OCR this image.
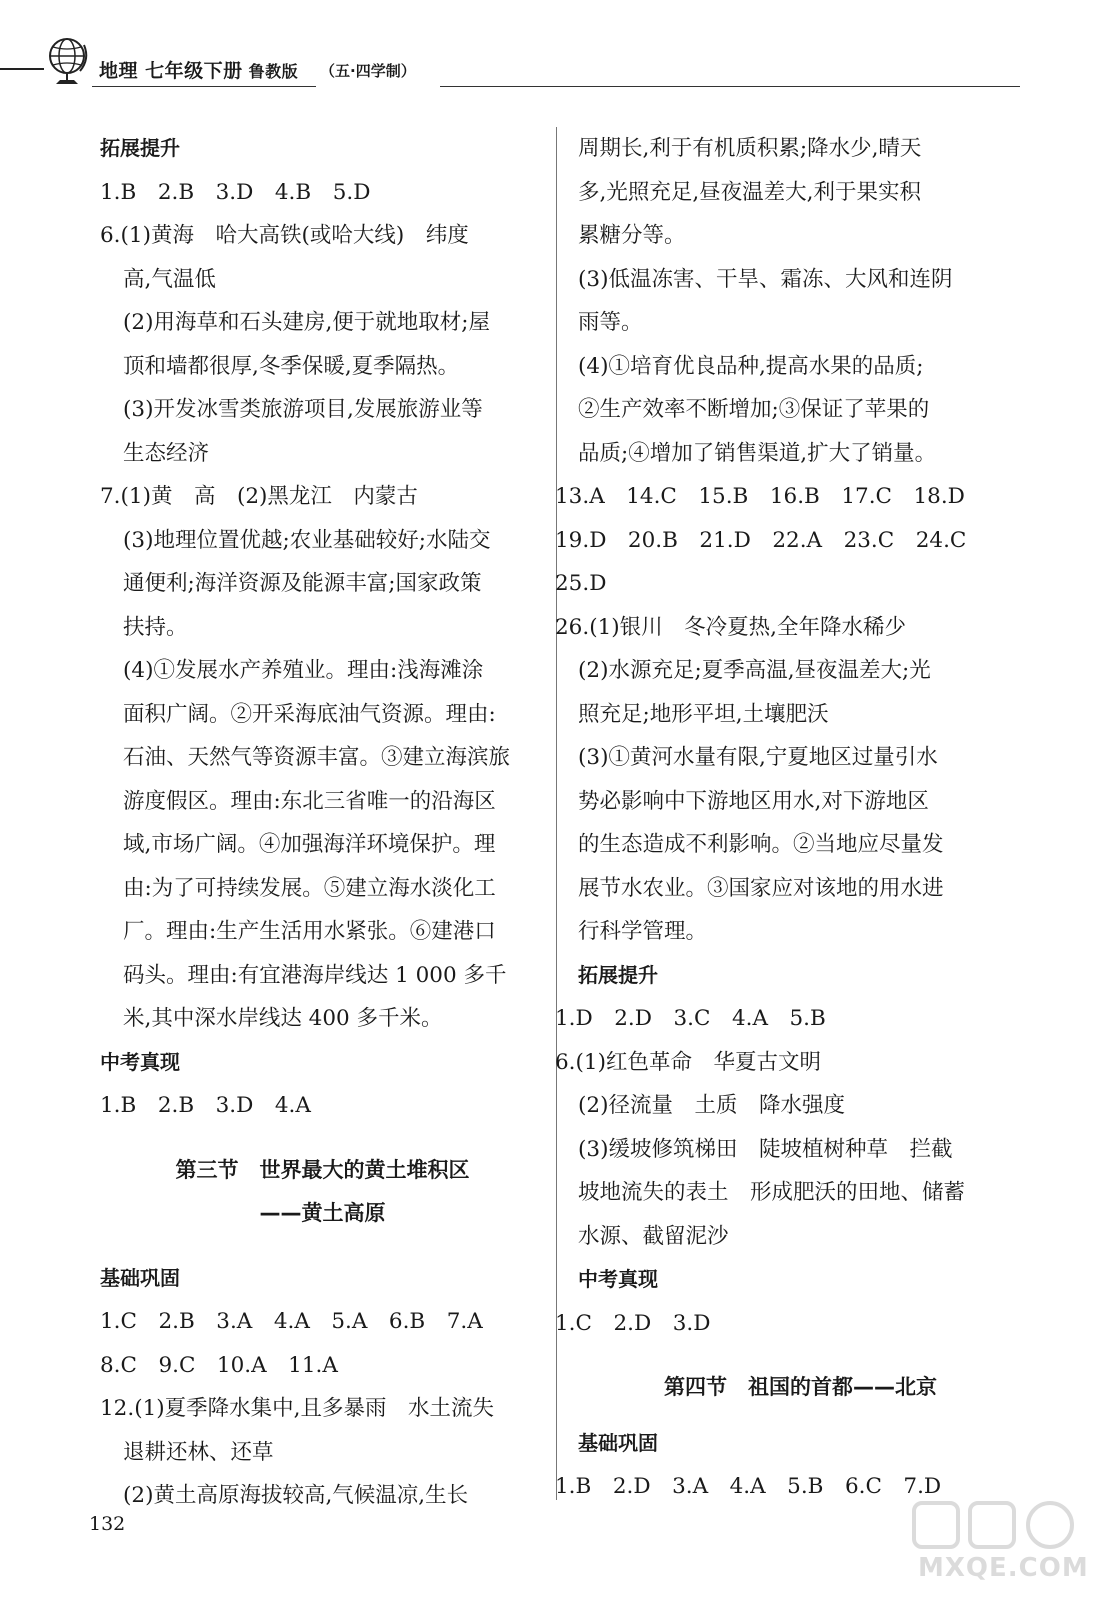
地理 七年级下册 鲁教版 （五·四学制）
拓展提升
1.B　2.B　3.D　4.B　5.D
6.(1)黄海　哈大高铁(或哈大线)　纬度
高,气温低
(2)用海草和石头建房,便于就地取材;屋
顶和墙都很厚,冬季保暖,夏季隔热。
(3)开发冰雪类旅游项目,发展旅游业等
生态经济
7.(1)黄　高　(2)黑龙江　内蒙古
(3)地理位置优越;农业基础较好;水陆交
通便利;海洋资源及能源丰富;国家政策
扶持。
(4)①发展水产养殖业。理由:浅海滩涂
面积广阔。②开采海底油气资源。理由:
石油、天然气等资源丰富。③建立海滨旅
游度假区。理由:东北三省唯一的沿海区
域,市场广阔。④加强海洋环境保护。理
由:为了可持续发展。⑤建立海水淡化工
厂。理由:生产生活用水紧张。⑥建港口
码头。理由:有宜港海岸线达 1 000 多千
米,其中深水岸线达 400 多千米。
中考真现
1.B　2.B　3.D　4.A
第三节　世界最大的黄土堆积区
——黄土高原
基础巩固
1.C　2.B　3.A　4.A　5.A　6.B　7.A
8.C　9.C　10.A　11.A
12.(1)夏季降水集中,且多暴雨　水土流失
退耕还林、还草
(2)黄土高原海拔较高,气候温凉,生长
周期长,利于有机质积累;降水少,晴天
多,光照充足,昼夜温差大,利于果实积
累糖分等。
(3)低温冻害、干旱、霜冻、大风和连阴
雨等。
(4)①培育优良品种,提高水果的品质;
②生产效率不断增加;③保证了苹果的
品质;④增加了销售渠道,扩大了销量。
13.A　14.C　15.B　16.B　17.C　18.D
19.D　20.B　21.D　22.A　23.C　24.C
25.D
26.(1)银川　冬冷夏热,全年降水稀少
(2)水源充足;夏季高温,昼夜温差大;光
照充足;地形平坦,土壤肥沃
(3)①黄河水量有限,宁夏地区过量引水
势必影响中下游地区用水,对下游地区
的生态造成不利影响。②当地应尽量发
展节水农业。③国家应对该地的用水进
行科学管理。
拓展提升
1.D　2.D　3.C　4.A　5.B
6.(1)红色革命　华夏古文明
(2)径流量　土质　降水强度
(3)缓坡修筑梯田　陡坡植树种草　拦截
坡地流失的表土　形成肥沃的田地、储蓄
水源、截留泥沙
中考真现
1.C　2.D　3.D
第四节　祖国的首都——北京
基础巩固
1.B　2.D　3.A　4.A　5.B　6.C　7.D
132
MXQE.COM
